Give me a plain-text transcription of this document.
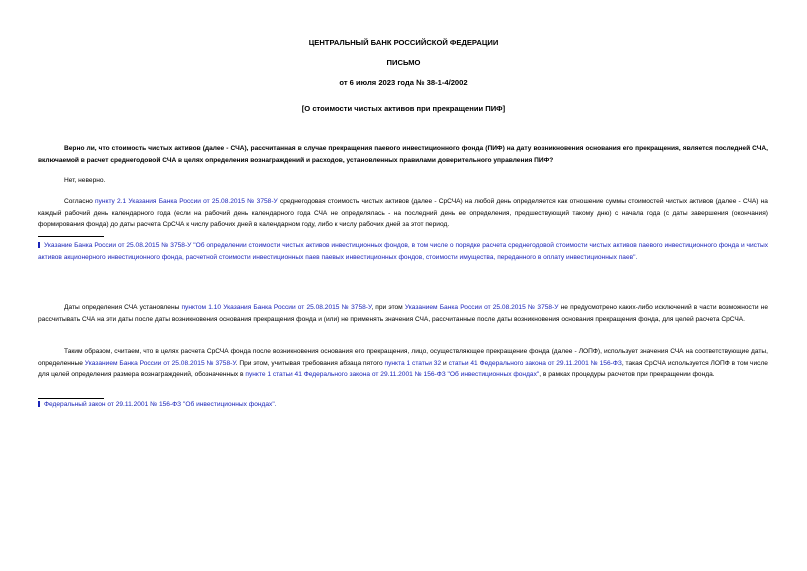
ЦЕНТРАЛЬНЫЙ БАНК РОССИЙСКОЙ ФЕДЕРАЦИИ
ПИСЬМО
от 6 июля 2023 года № 38-1-4/2002
[О стоимости чистых активов при прекращении ПИФ]
Верно ли, что стоимость чистых активов (далее - СЧА), рассчитанная в случае прекращения паевого инвестиционного фонда (ПИФ) на дату возникновения основания его прекращения, является последней СЧА, включаемой в расчет среднегодовой СЧА в целях определения вознаграждений и расходов, установленных правилами доверительного управления ПИФ?
Нет, неверно.
Согласно пункту 2.1 Указания Банка России от 25.08.2015 № 3758-У среднегодовая стоимость чистых активов (далее - СрСЧА) на любой день определяется как отношение суммы стоимостей чистых активов (далее - СЧА) на каждый рабочий день календарного года (если на рабочий день календарного года СЧА не определялась - на последний день ее определения, предшествующий такому дню) с начала года (с даты завершения (окончания) формирования фонда) до даты расчета СрСЧА к числу рабочих дней в календарном году, либо к числу рабочих дней за этот период.
Указание Банка России от 25.08.2015 № 3758-У "Об определении стоимости чистых активов инвестиционных фондов, в том числе о порядке расчета среднегодовой стоимости чистых активов паевого инвестиционного фонда и чистых активов акционерного инвестиционного фонда, расчетной стоимости инвестиционных паев паевых инвестиционных фондов, стоимости имущества, переданного в оплату инвестиционных паев".
Даты определения СЧА установлены пунктом 1.10 Указания Банка России от 25.08.2015 № 3758-У, при этом Указанием Банка России от 25.08.2015 № 3758-У не предусмотрено каких-либо исключений в части возможности не рассчитывать СЧА на эти даты после даты возникновения основания прекращения фонда и (или) не применять значения СЧА, рассчитанные после даты возникновения основания прекращения фонда, для целей расчета СрСЧА.
Таким образом, считаем, что в целях расчета СрСЧА фонда после возникновения основания его прекращения, лицо, осуществляющее прекращение фонда (далее - ЛОПФ), использует значения СЧА на соответствующие даты, определенные Указанием Банка России от 25.08.2015 № 3758-У. При этом, учитывая требования абзаца пятого пункта 1 статьи 32 и статьи 41 Федерального закона от 29.11.2001 № 156-ФЗ, такая СрСЧА используется ЛОПФ в том числе для целей определения размера вознаграждений, обозначенных в пункте 1 статьи 41 Федерального закона от 29.11.2001 № 156-ФЗ "Об инвестиционных фондах", в рамках процедуры расчетов при прекращении фонда.
Федеральный закон от 29.11.2001 № 156-ФЗ "Об инвестиционных фондах".
